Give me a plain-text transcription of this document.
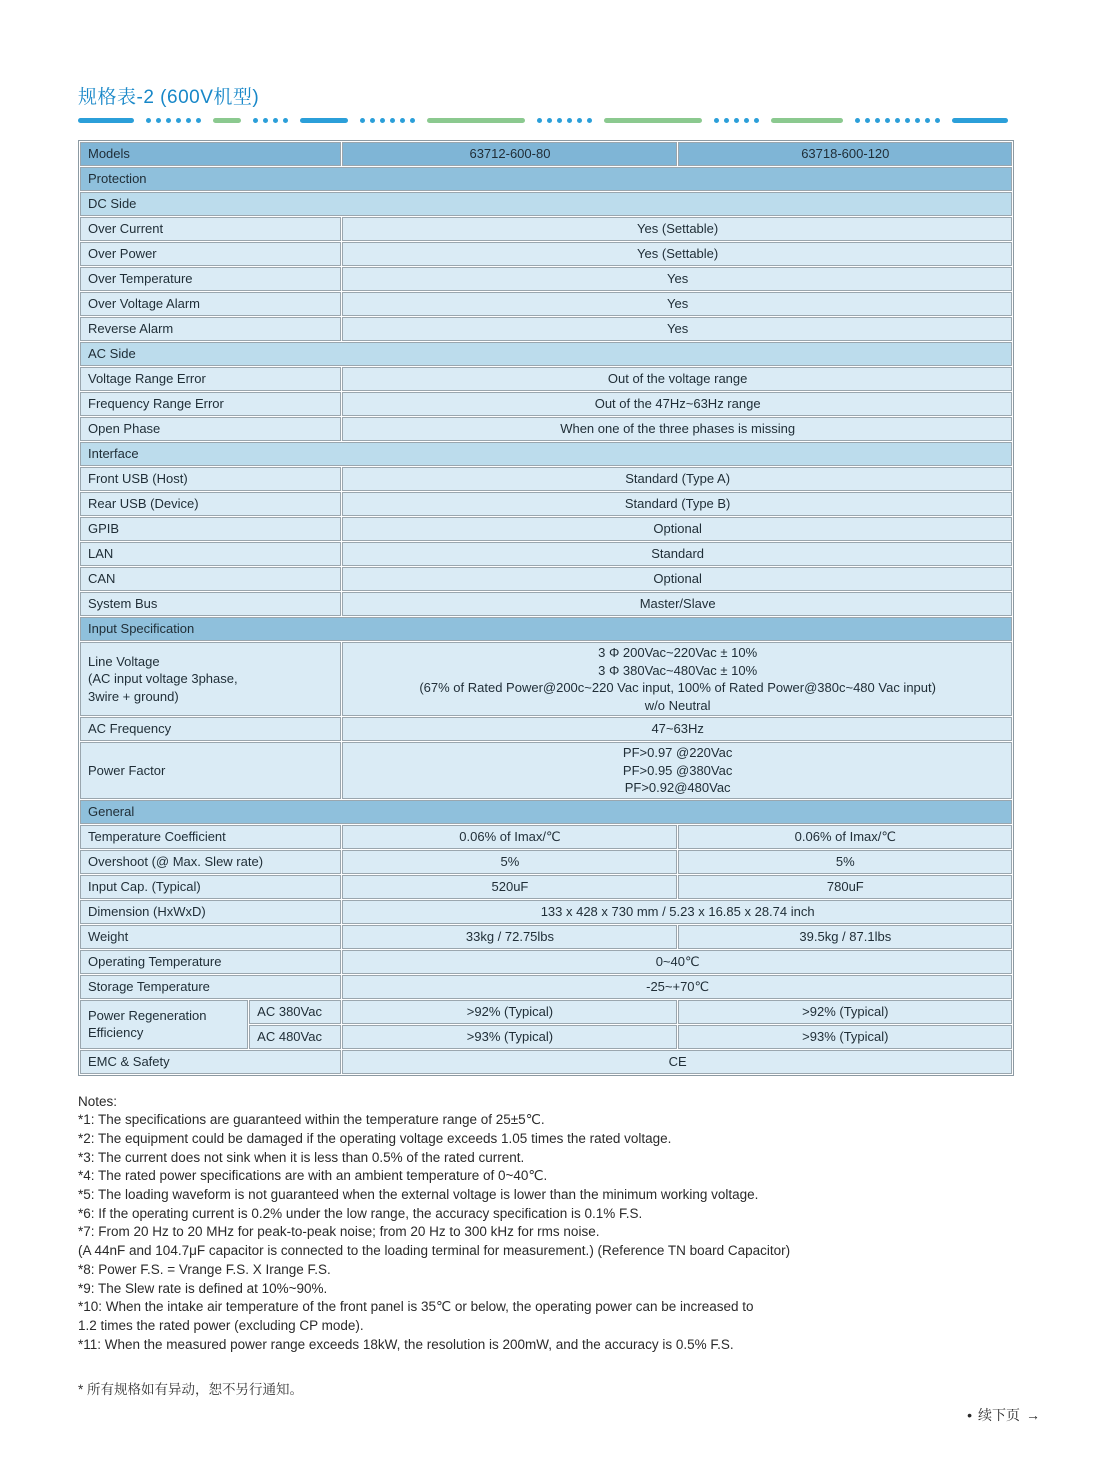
规格表-2 (600V机型)
Models		63712-600-80	63718-600-120
Protection			
DC Side			
Over Current		Yes (Settable)	
Over Power		Yes (Settable)	
Over Temperature		Yes	
Over Voltage Alarm		Yes	
Reverse Alarm		Yes	
AC Side			
Voltage Range Error		Out of the voltage range	
Frequency Range Error		Out of the 47Hz~63Hz range	
Open Phase		When one of the three phases is missing	
Interface			
Front USB (Host)		Standard (Type A)	
Rear USB (Device)		Standard (Type B)	
GPIB		Optional	
LAN		Standard	
CAN		Optional	
System Bus		Master/Slave	
Input Specification			

Line Voltage
(AC input voltage 3phase,
3wire + ground)		3 Φ 200Vac~220Vac ± 10%
3 Φ 380Vac~480Vac ± 10%
(67% of Rated Power@200c~220 Vac input, 100% of Rated Power@380c~480 Vac input)
w/o Neutral	

AC Frequency		47~63Hz	
Power Factor		PF>0.97 @220Vac
PF>0.95 @380Vac
PF>0.92@480Vac	

General			
Temperature Coefficient		0.06% of Imax/℃	0.06% of Imax/℃
Overshoot (@ Max. Slew rate)		5%	5%
Input Cap. (Typical)		520uF	780uF
Dimension (HxWxD)		133 x 428 x 730 mm / 5.23 x 16.85 x 28.74 inch	
Weight		33kg / 72.75lbs	39.5kg / 87.1lbs
Operating Temperature		0~40℃	
Storage Temperature		-25~+70℃	
Power Regeneration Efficiency	AC 380Vac	>92% (Typical)	>92% (Typical)
	AC 480Vac	>93% (Typical)	>93% (Typical)
EMC & Safety		CE	
Notes:
*1: The specifications are guaranteed within the temperature range of 25±5℃.
*2: The equipment could be damaged if the operating voltage exceeds 1.05 times the rated voltage.
*3: The current does not sink when it is less than 0.5% of the rated current.
*4: The rated power specifications are with an ambient temperature of 0~40℃.
*5: The loading waveform is not guaranteed when the external voltage is lower than the minimum working voltage.
*6: If the operating current is 0.2% under the low range, the accuracy specification is 0.1% F.S.
*7: From 20 Hz to 20 MHz for peak-to-peak noise; from 20 Hz to 300 kHz for rms noise.
(A 44nF and 104.7μF capacitor is connected to the loading terminal for measurement.) (Reference TN board Capacitor)
*8: Power F.S. = Vrange F.S. X Irange F.S.
*9: The Slew rate is defined at 10%~90%.
*10: When the intake air temperature of the front panel is 35℃ or below, the operating power can be increased to
1.2 times the rated power (excluding CP mode).
*11: When the measured power range exceeds 18kW, the resolution is 200mW, and the accuracy is 0.5% F.S.
* 所有规格如有异动，恕不另行通知。
• 续下页 →
